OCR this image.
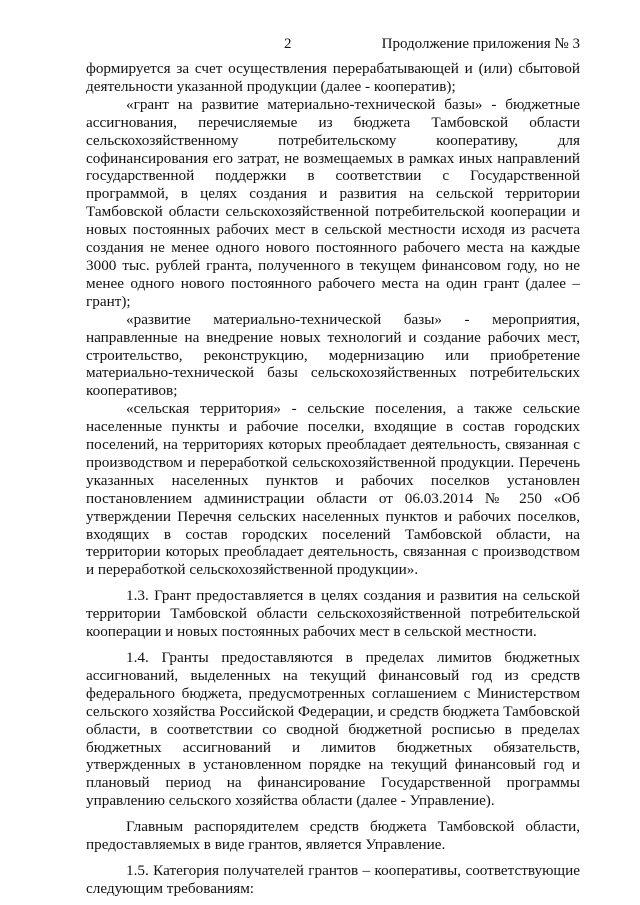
2	Продолжение приложения № 3

формируется за счет осуществления перерабатывающей и (или) сбытовой деятельности указанной продукции (далее - кооператив);

«грант на развитие материально-технической базы» - бюджетные ассигнования, перечисляемые из бюджета Тамбовской области сельскохозяйственному потребительскому кооперативу, для софинансирования его затрат, не возмещаемых в рамках иных направлений государственной поддержки в соответствии с Государственной программой, в целях создания и развития на сельской территории Тамбовской области сельскохозяйственной потребительской кооперации и новых постоянных рабочих мест в сельской местности исходя из расчета создания не менее одного нового постоянного рабочего места на каждые 3000 тыс. рублей гранта, полученного в текущем финансовом году, но не менее одного нового постоянного рабочего места на один грант (далее – грант);

«развитие материально-технической базы» - мероприятия, направленные на внедрение новых технологий и создание рабочих мест, строительство, реконструкцию, модернизацию или приобретение материально-технической базы сельскохозяйственных потребительских кооперативов;

«сельская территория» - сельские поселения, а также сельские населенные пункты и рабочие поселки, входящие в состав городских поселений, на территориях которых преобладает деятельность, связанная с производством и переработкой сельскохозяйственной продукции. Перечень указанных населенных пунктов и рабочих поселков установлен постановлением администрации области от 06.03.2014 № 250 «Об утверждении Перечня сельских населенных пунктов и рабочих поселков, входящих в состав городских поселений Тамбовской области, на территории которых преобладает деятельность, связанная с производством и переработкой сельскохозяйственной продукции».

1.3. Грант предоставляется в целях создания и развития на сельской территории Тамбовской области сельскохозяйственной потребительской кооперации и новых постоянных рабочих мест в сельской местности.

1.4. Гранты предоставляются в пределах лимитов бюджетных ассигнований, выделенных на текущий финансовый год из средств федерального бюджета, предусмотренных соглашением с Министерством сельского хозяйства Российской Федерации, и средств бюджета Тамбовской области, в соответствии со сводной бюджетной росписью в пределах бюджетных ассигнований и лимитов бюджетных обязательств, утвержденных в установленном порядке на текущий финансовый год и плановый период на финансирование Государственной программы управлению сельского хозяйства области (далее - Управление).

Главным распорядителем средств бюджета Тамбовской области, предоставляемых в виде грантов, является Управление.

1.5. Категория получателей грантов – кооперативы, соответствующие следующим требованиям:
